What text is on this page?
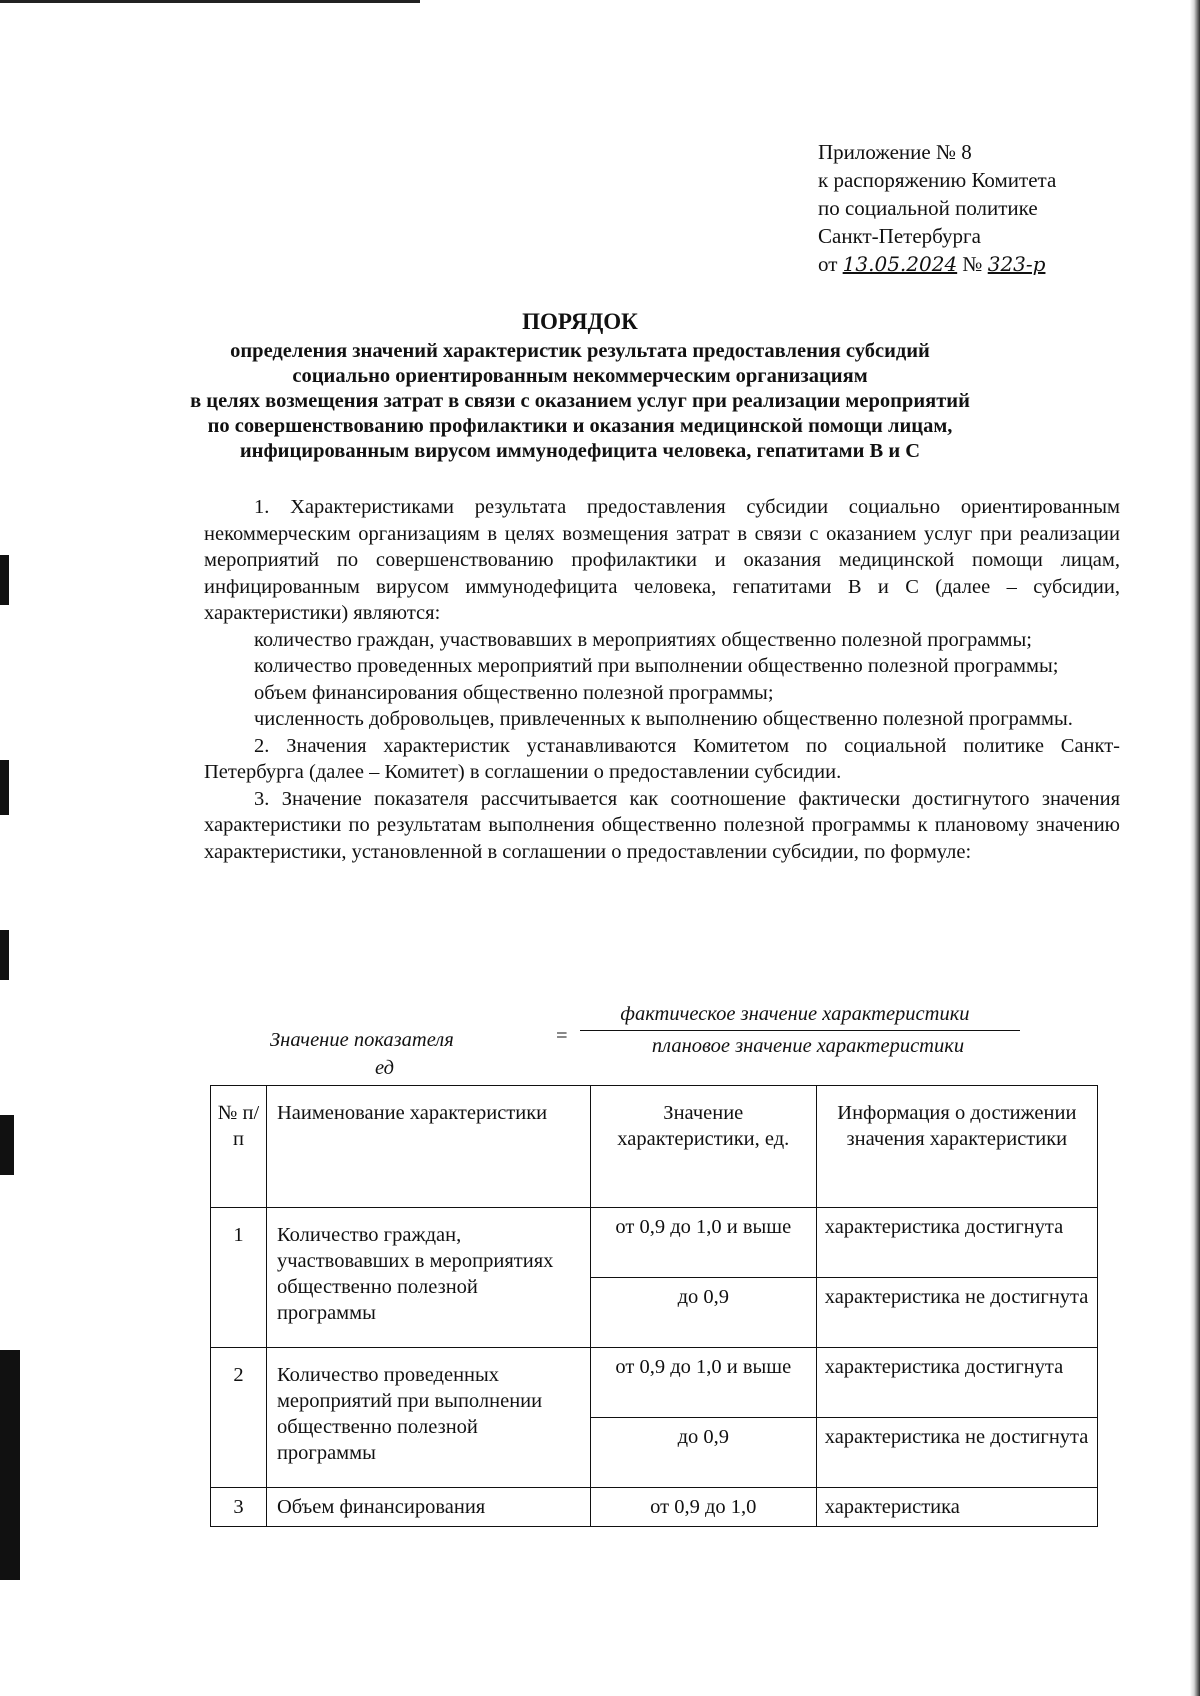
Приложение № 8
к распоряжению Комитета
по социальной политике
Санкт-Петербурга
от 13.05.2024 № 323-р
ПОРЯДОК
определения значений характеристик результата предоставления субсидий
социально ориентированным некоммерческим организациям
в целях возмещения затрат в связи с оказанием услуг при реализации мероприятий
по совершенствованию профилактики и оказания медицинской помощи лицам,
инфицированным вирусом иммунодефицита человека, гепатитами В и С

1. Характеристиками результата предоставления субсидии социально ориентированным некоммерческим организациям в целях возмещения затрат в связи с оказанием услуг при реализации мероприятий по совершенствованию профилактики и оказания медицинской помощи лицам, инфицированным вирусом иммунодефицита человека, гепатитами В и С (далее – субсидии, характеристики) являются:

количество граждан, участвовавших в мероприятиях общественно полезной программы;

количество проведенных мероприятий при выполнении общественно полезной программы;

объем финансирования общественно полезной программы;

численность добровольцев, привлеченных к выполнению общественно полезной программы.

2. Значения характеристик устанавливаются Комитетом по социальной политике Санкт-Петербурга (далее – Комитет) в соглашении о предоставлении субсидии.

3. Значение показателя рассчитывается как соотношение фактически достигнутого значения характеристики по результатам выполнения общественно полезной программы к плановому значению характеристики, установленной в соглашении о предоставлении субсидии, по формуле:

Значение показателя
ед
=
фактическое значение характеристики
плановое значение характеристики
№ п/п	Наименование характеристики	Значение характеристики, ед.	Информация о достижении значения характеристики
1	Количество граждан, участвовавших в мероприятиях общественно полезной программы	от 0,9 до 1,0 и выше	характеристика достигнута
		до 0,9	характеристика не достигнута
2	Количество проведенных мероприятий при выполнении общественно полезной программы	от 0,9 до 1,0 и выше	характеристика достигнута
		до 0,9	характеристика не достигнута
3	Объем финансирования	от 0,9 до 1,0	характеристика
